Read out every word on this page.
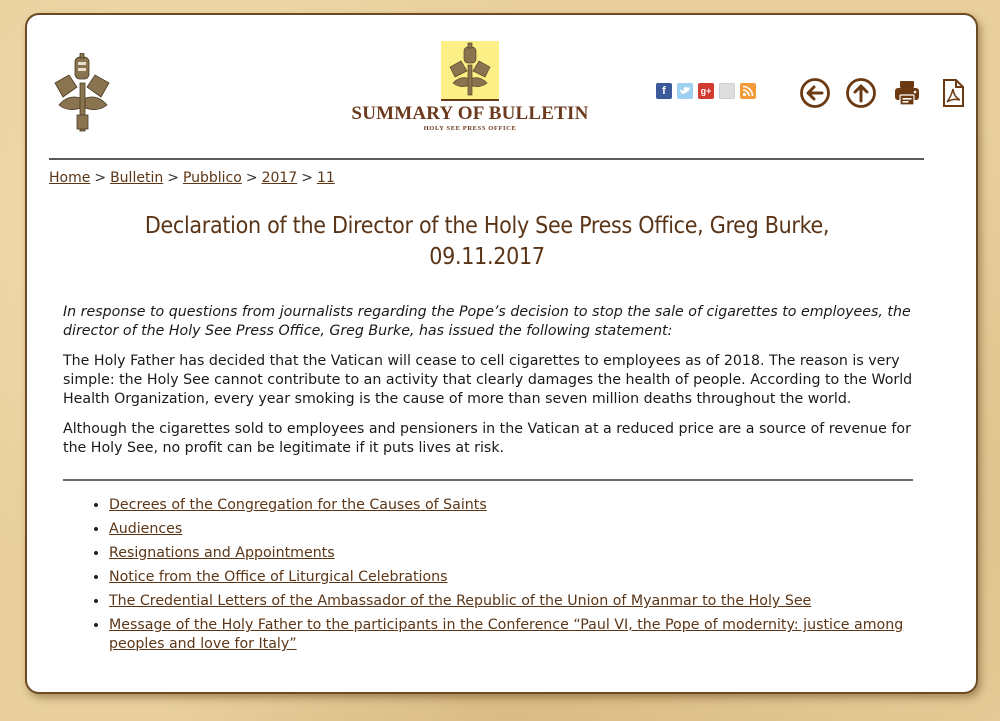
SUMMARY OF BULLETIN
HOLY SEE PRESS OFFICE
f	g+
Home > Bulletin > Pubblico > 2017 > 11
Declaration of the Director of the Holy See Press Office, Greg Burke, 09.11.2017

In response to questions from journalists regarding the Pope’s decision to stop the sale of cigarettes to employees, the director of the Holy See Press Office, Greg Burke, has issued the following statement:

The Holy Father has decided that the Vatican will cease to cell cigarettes to employees as of 2018. The reason is very simple: the Holy See cannot contribute to an activity that clearly damages the health of people. According to the World Health Organization, every year smoking is the cause of more than seven million deaths throughout the world.

Although the cigarettes sold to employees and pensioners in the Vatican at a reduced price are a source of revenue for the Holy See, no profit can be legitimate if it puts lives at risk.

• Decrees of the Congregation for the Causes of Saints
• Audiences
• Resignations and Appointments
• Notice from the Office of Liturgical Celebrations
• The Credential Letters of the Ambassador of the Republic of the Union of Myanmar to the Holy See
• Message of the Holy Father to the participants in the Conference “Paul VI, the Pope of modernity: justice among peoples and love for Italy”
